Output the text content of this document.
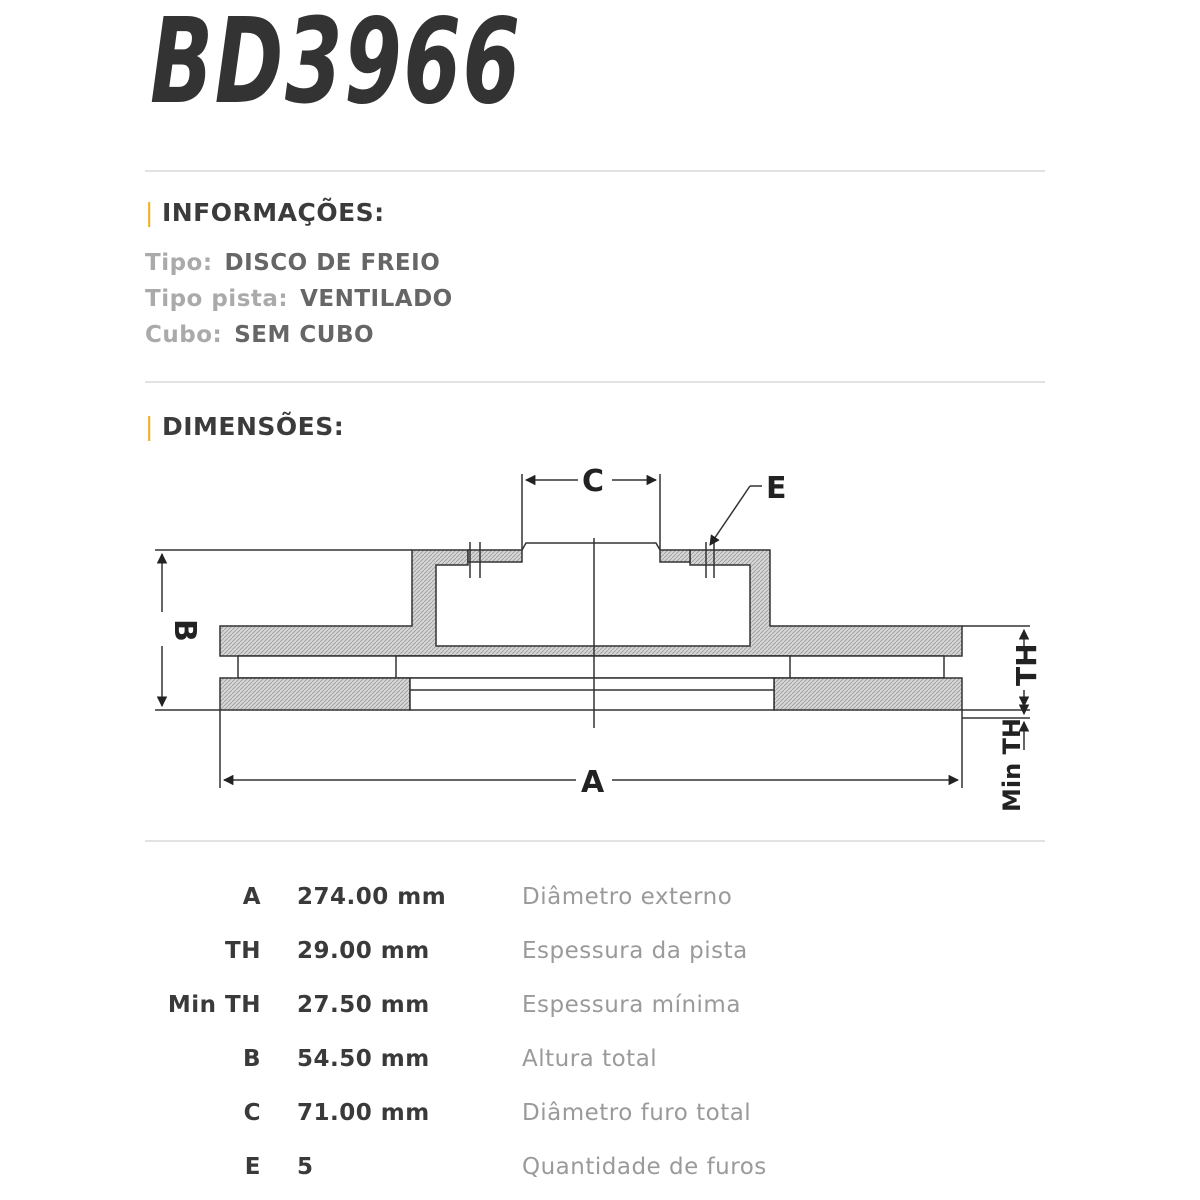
BD3966
| INFORMAÇÕES:
Tipo: DISCO DE FREIO
Tipo pista: VENTILADO
Cubo: SEM CUBO
| DIMENSÕES:
E
C
B
A
TH
Min TH
A 274.00 mm	Diâmetro externo
TH 29.00 mm	Espessura da pista
Min TH 27.50 mm	Espessura mínima
B 54.50 mm	Altura total
C 71.00 mm	Diâmetro furo total
E 5	Quantidade de furos
